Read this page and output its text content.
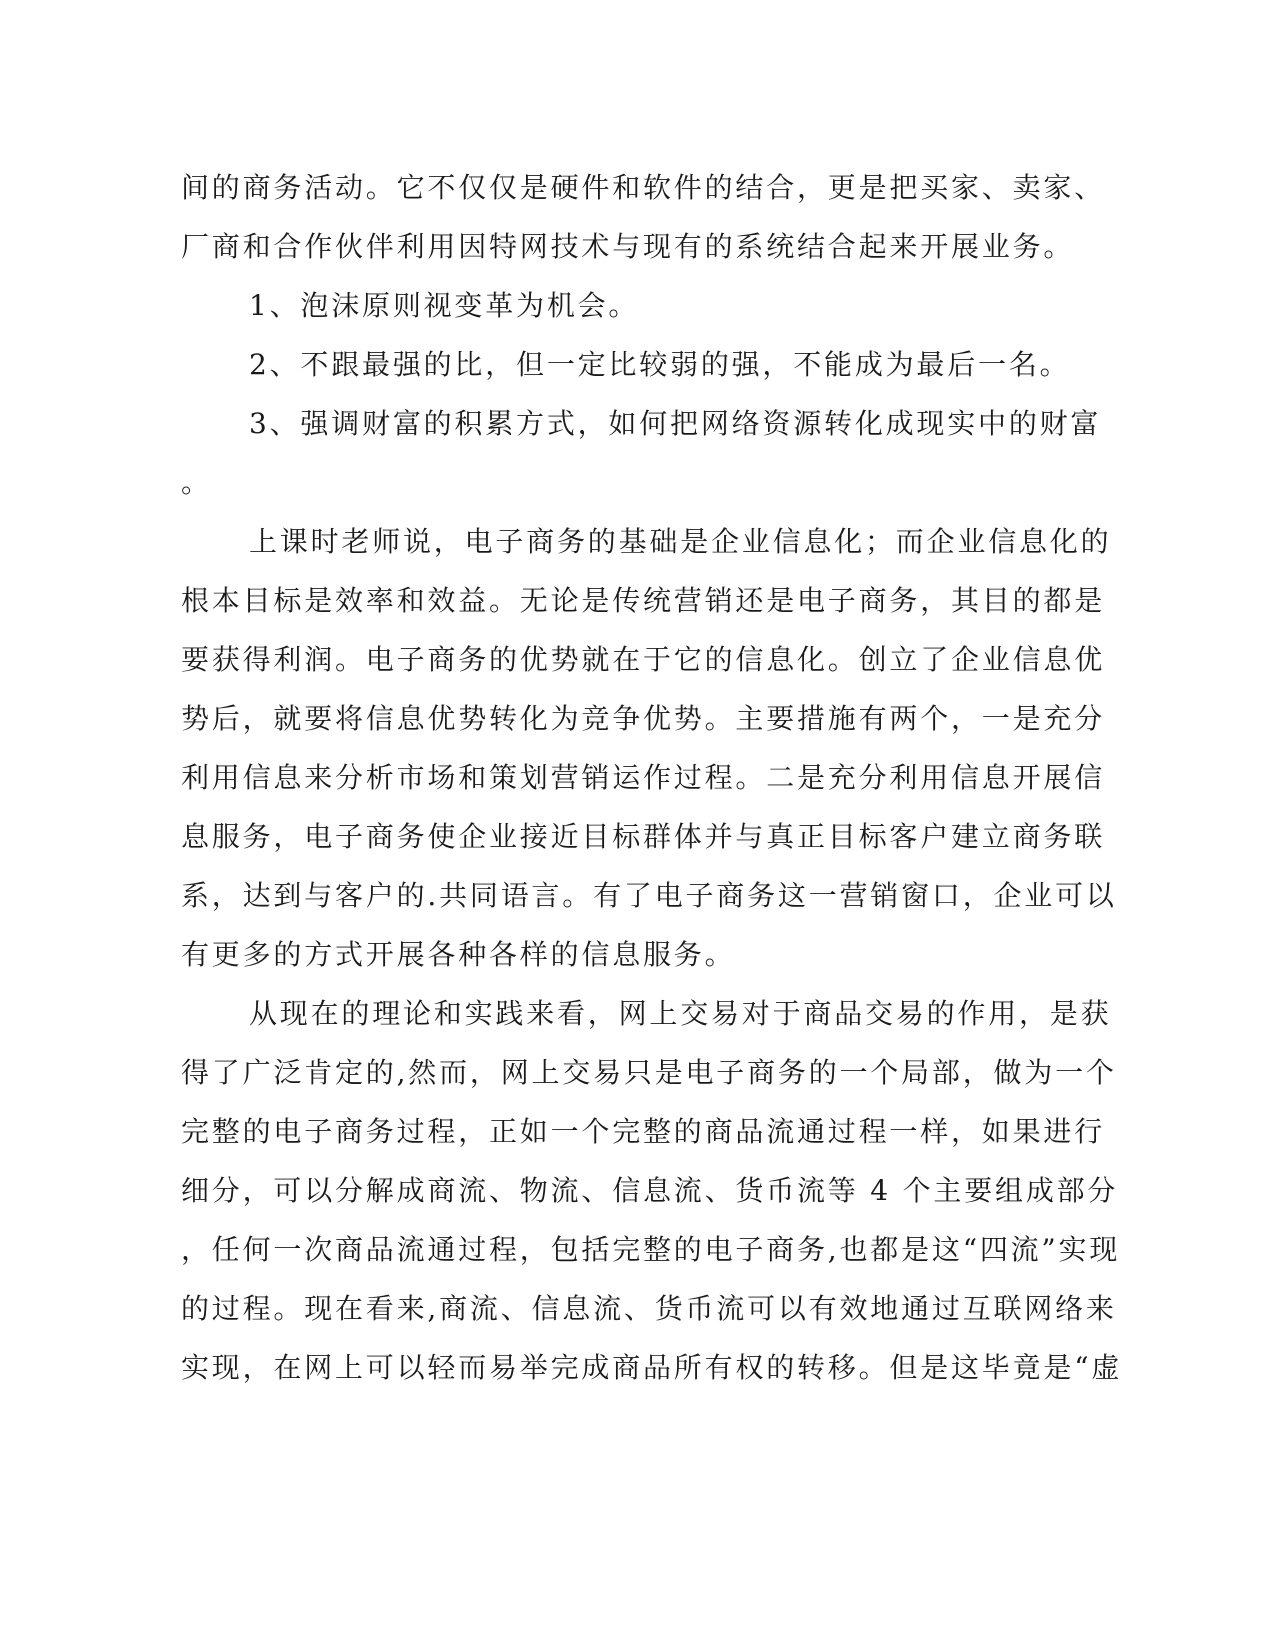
间的商务活动。它不仅仅是硬件和软件的结合，更是把买家、卖家、
厂商和合作伙伴利用因特网技术与现有的系统结合起来开展业务。
1、泡沫原则视变革为机会。
2、不跟最强的比，但一定比较弱的强，不能成为最后一名。
3、强调财富的积累方式，如何把网络资源转化成现实中的财富
。
上课时老师说，电子商务的基础是企业信息化；而企业信息化的
根本目标是效率和效益。无论是传统营销还是电子商务，其目的都是
要获得利润。电子商务的优势就在于它的信息化。创立了企业信息优
势后，就要将信息优势转化为竞争优势。主要措施有两个，一是充分
利用信息来分析市场和策划营销运作过程。二是充分利用信息开展信
息服务，电子商务使企业接近目标群体并与真正目标客户建立商务联
系，达到与客户的.共同语言。有了电子商务这一营销窗口，企业可以
有更多的方式开展各种各样的信息服务。
从现在的理论和实践来看，网上交易对于商品交易的作用，是获
得了广泛肯定的,然而，网上交易只是电子商务的一个局部，做为一个
完整的电子商务过程，正如一个完整的商品流通过程一样，如果进行
细分，可以分解成商流、物流、信息流、货币流等 4 个主要组成部分
，任何一次商品流通过程，包括完整的电子商务,也都是这“四流”实现
的过程。现在看来,商流、信息流、货币流可以有效地通过互联网络来
实现，在网上可以轻而易举完成商品所有权的转移。但是这毕竟是“虚
